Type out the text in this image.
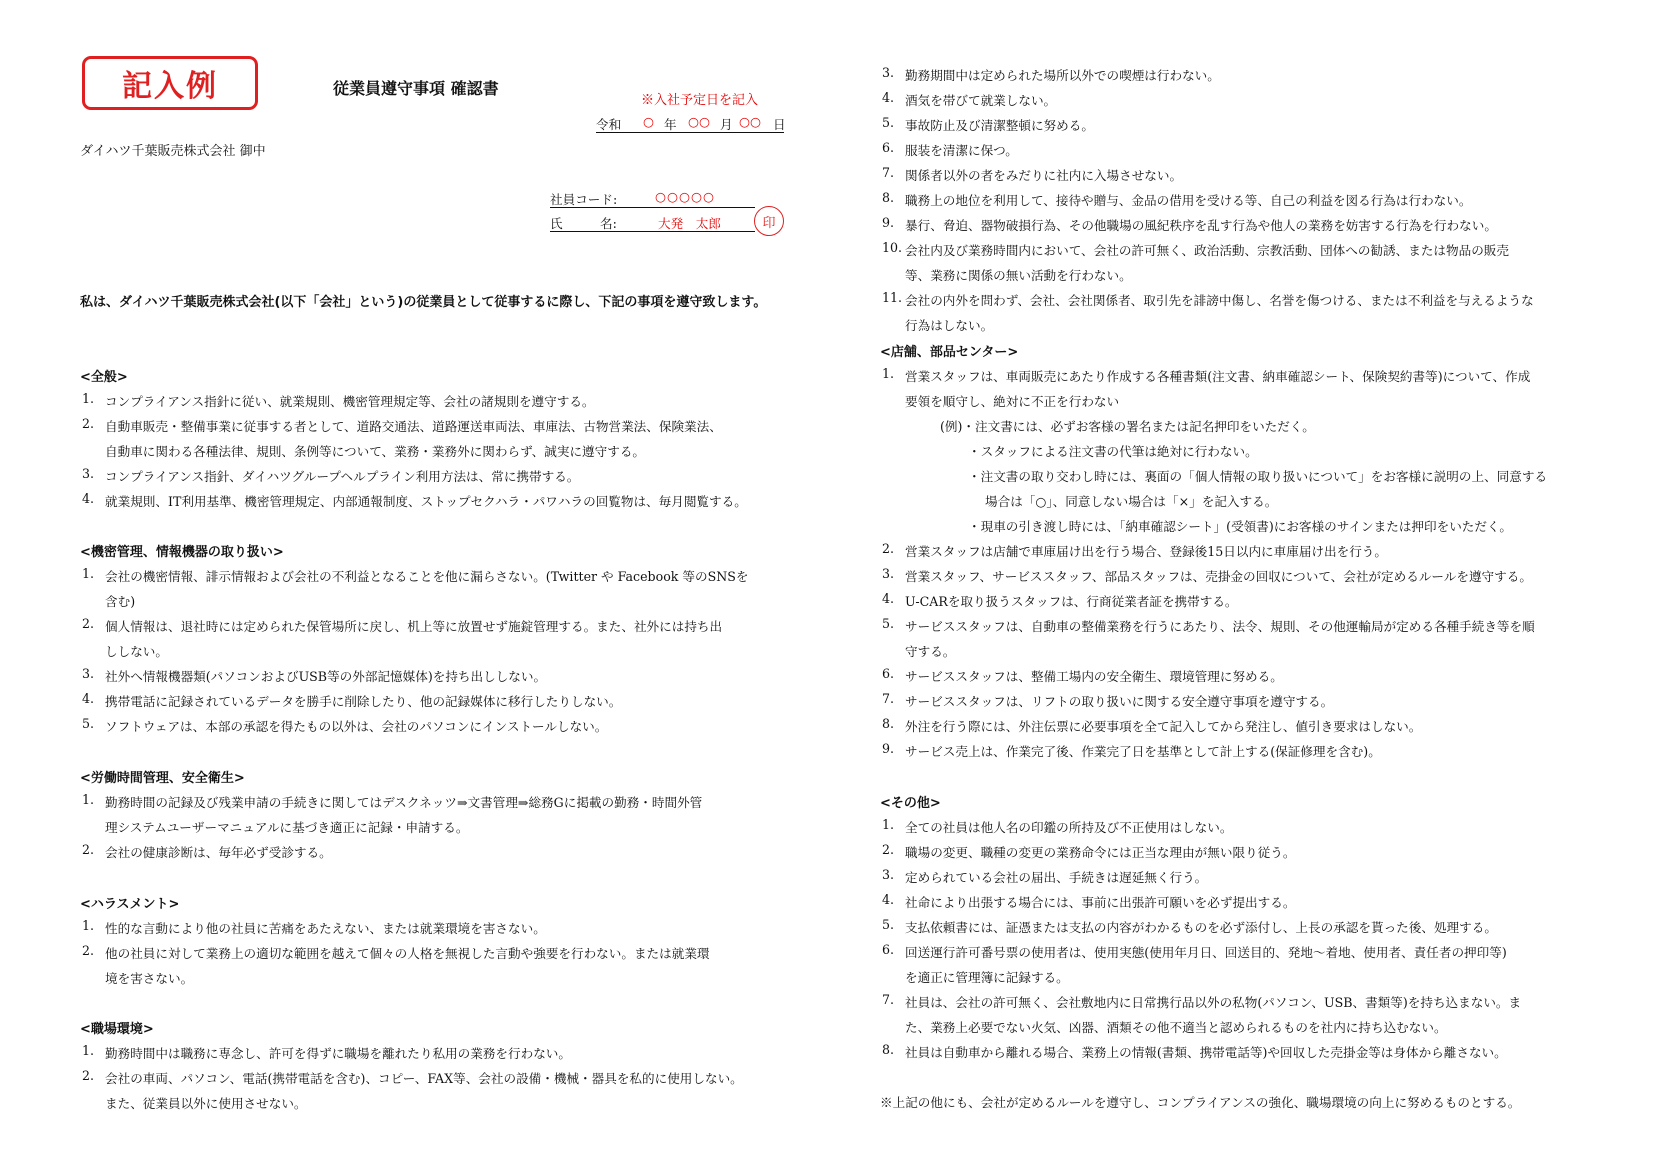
記入例	従業員遵守事項 確認書
※入社予定日を記入
令和 ○ 年 ○○ 月 ○○ 日
ダイハツ千葉販売株式会社 御中
社員コード:	○○○○○
氏	名:	大発　太郎	印
私は、ダイハツ千葉販売株式会社(以下「会社」という)の従業員として従事するに際し、下記の事項を遵守致します。
<全般>
1. コンプライアンス指針に従い、就業規則、機密管理規定等、会社の諸規則を遵守する。
2. 自動車販売・整備事業に従事する者として、道路交通法、道路運送車両法、車庫法、古物営業法、保険業法、
自動車に関わる各種法律、規則、条例等について、業務・業務外に関わらず、誠実に遵守する。
3. コンプライアンス指針、ダイハツグループヘルプライン利用方法は、常に携帯する。
4. 就業規則、IT利用基準、機密管理規定、内部通報制度、ストップセクハラ・パワハラの回覧物は、毎月閲覧する。
<機密管理、情報機器の取り扱い>
1. 会社の機密情報、誹示情報および会社の不利益となることを他に漏らさない。(Twitter や Facebook 等のSNSを
含む)
2. 個人情報は、退社時には定められた保管場所に戻し、机上等に放置せず施錠管理する。また、社外には持ち出
ししない。
3. 社外へ情報機器類(パソコンおよびUSB等の外部記憶媒体)を持ち出ししない。
4. 携帯電話に記録されているデータを勝手に削除したり、他の記録媒体に移行したりしない。
5. ソフトウェアは、本部の承認を得たもの以外は、会社のパソコンにインストールしない。
<労働時間管理、安全衛生>
1. 勤務時間の記録及び残業申請の手続きに関してはデスクネッツ⇒文書管理⇒総務Gに掲載の勤務・時間外管
理システムユーザーマニュアルに基づき適正に記録・申請する。
2. 会社の健康診断は、毎年必ず受診する。
<ハラスメント>
1. 性的な言動により他の社員に苦痛をあたえない、または就業環境を害さない。
2. 他の社員に対して業務上の適切な範囲を越えて個々の人格を無視した言動や強要を行わない。または就業環
境を害さない。
<職場環境>
1. 勤務時間中は職務に専念し、許可を得ずに職場を離れたり私用の業務を行わない。
2. 会社の車両、パソコン、電話(携帯電話を含む)、コピー、FAX等、会社の設備・機械・器具を私的に使用しない。
また、従業員以外に使用させない。
3. 勤務期間中は定められた場所以外での喫煙は行わない。
4. 酒気を帯びて就業しない。
5. 事故防止及び清潔整頓に努める。
6. 服装を清潔に保つ。
7. 関係者以外の者をみだりに社内に入場させない。
8. 職務上の地位を利用して、接待や贈与、金品の借用を受ける等、自己の利益を図る行為は行わない。
9. 暴行、脅迫、器物破損行為、その他職場の風紀秩序を乱す行為や他人の業務を妨害する行為を行わない。
10. 会社内及び業務時間内において、会社の許可無く、政治活動、宗教活動、団体への勧誘、または物品の販売
等、業務に関係の無い活動を行わない。
11. 会社の内外を問わず、会社、会社関係者、取引先を誹謗中傷し、名誉を傷つける、または不利益を与えるような
行為はしない。
<店舗、部品センター>
1. 営業スタッフは、車両販売にあたり作成する各種書類(注文書、納車確認シート、保険契約書等)について、作成
要領を順守し、絶対に不正を行わない
(例)・注文書には、必ずお客様の署名または記名押印をいただく。
・スタッフによる注文書の代筆は絶対に行わない。
・注文書の取り交わし時には、裏面の「個人情報の取り扱いについて」をお客様に説明の上、同意する
場合は「○」、同意しない場合は「×」を記入する。
・現車の引き渡し時には、「納車確認シート」(受領書)にお客様のサインまたは押印をいただく。
2. 営業スタッフは店舗で車庫届け出を行う場合、登録後15日以内に車庫届け出を行う。
3. 営業スタッフ、サービススタッフ、部品スタッフは、売掛金の回収について、会社が定めるルールを遵守する。
4. U-CARを取り扱うスタッフは、行商従業者証を携帯する。
5. サービススタッフは、自動車の整備業務を行うにあたり、法令、規則、その他運輸局が定める各種手続き等を順
守する。
6. サービススタッフは、整備工場内の安全衛生、環境管理に努める。
7. サービススタッフは、リフトの取り扱いに関する安全遵守事項を遵守する。
8. 外注を行う際には、外注伝票に必要事項を全て記入してから発注し、値引き要求はしない。
9. サービス売上は、作業完了後、作業完了日を基準として計上する(保証修理を含む)。
<その他>
1. 全ての社員は他人名の印鑑の所持及び不正使用はしない。
2. 職場の変更、職種の変更の業務命令には正当な理由が無い限り従う。
3. 定められている会社の届出、手続きは遅延無く行う。
4. 社命により出張する場合には、事前に出張許可願いを必ず提出する。
5. 支払依頼書には、証憑または支払の内容がわかるものを必ず添付し、上長の承認を貰った後、処理する。
6. 回送運行許可番号票の使用者は、使用実態(使用年月日、回送目的、発地～着地、使用者、責任者の押印等)
を適正に管理簿に記録する。
7. 社員は、会社の許可無く、会社敷地内に日常携行品以外の私物(パソコン、USB、書類等)を持ち込まない。ま
た、業務上必要でない火気、凶器、酒類その他不適当と認められるものを社内に持ち込むない。
8. 社員は自動車から離れる場合、業務上の情報(書類、携帯電話等)や回収した売掛金等は身体から離さない。
※上記の他にも、会社が定めるルールを遵守し、コンプライアンスの強化、職場環境の向上に努めるものとする。
